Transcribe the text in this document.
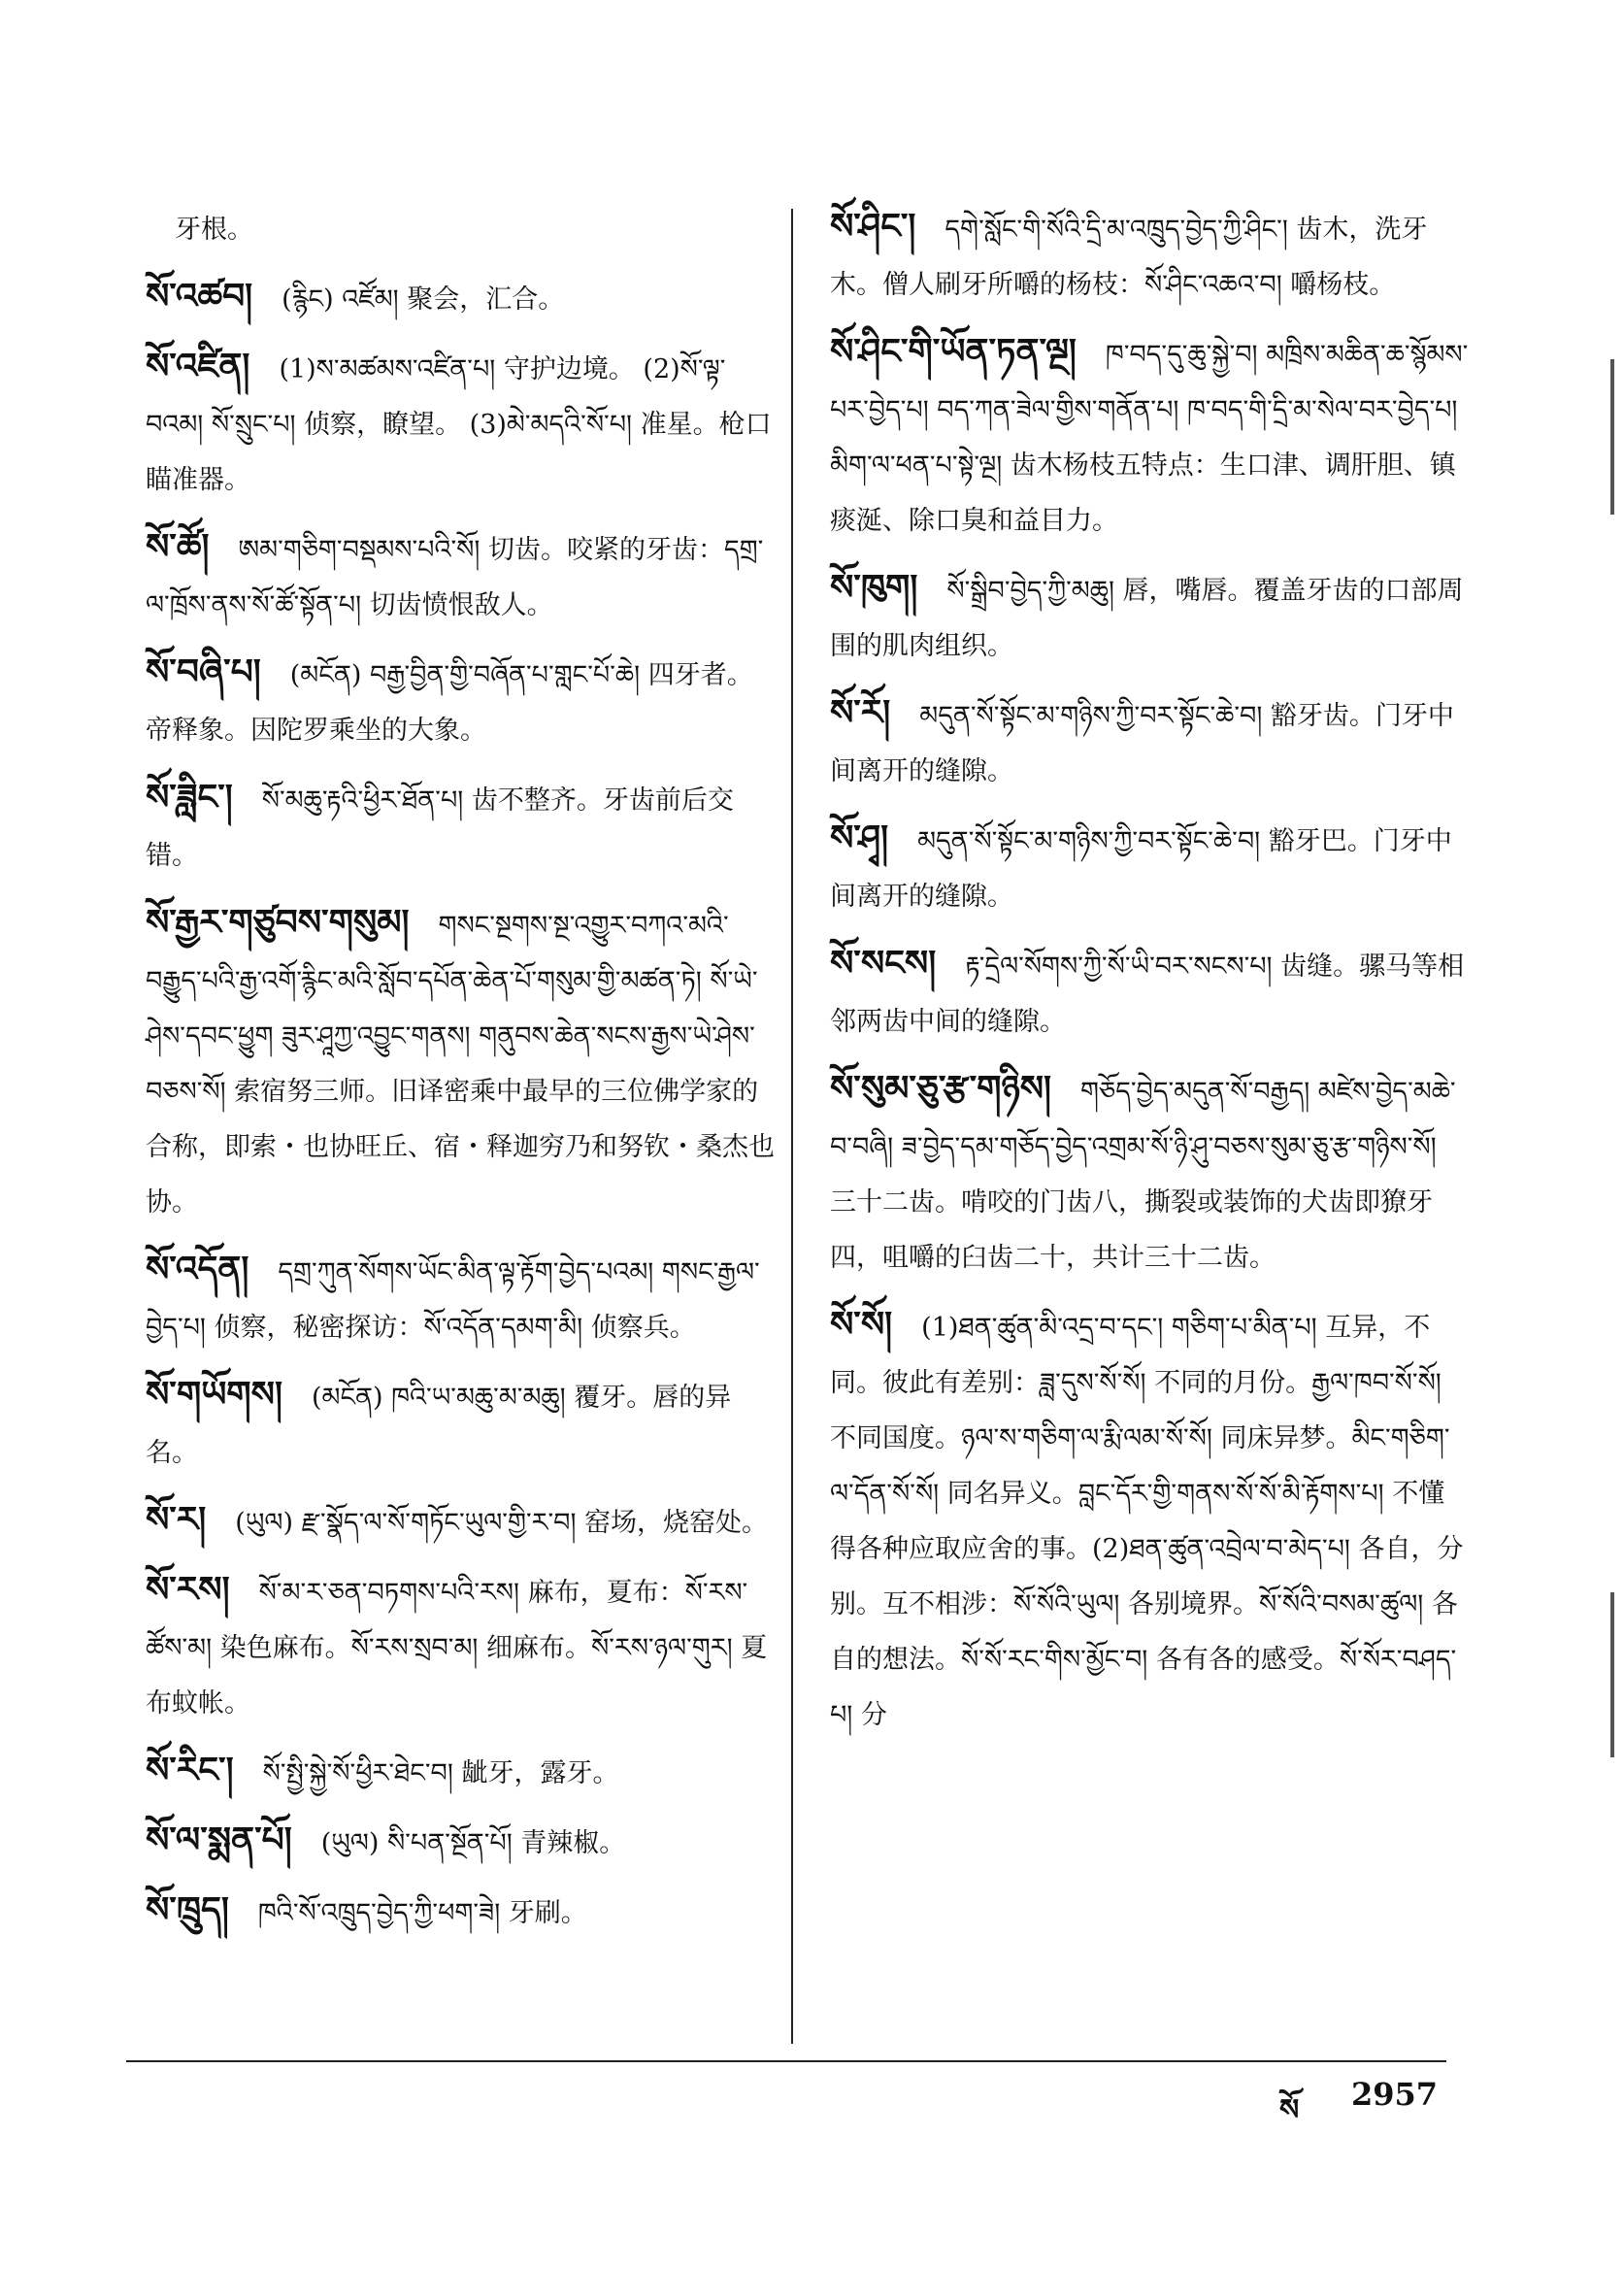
牙根。

སོ་འཚབ། (རྙིང) འཛོམ། 聚会，汇合。

སོ་འཛིན། (1)ས་མཚམས་འཛིན་པ། 守护边境。 (2)སོ་ལྟ་བའམ། སོ་སྲུང་པ། 侦察，瞭望。 (3)མེ་མདའི་སོ་པ། 准星。枪口瞄准器。

སོ་ཚོ། ཨམ་གཅིག་བསྡམས་པའི་སོ། 切齿。咬紧的牙齿：དགྲ་ལ་ཁྲོས་ནས་སོ་ཚོ་སྟོན་པ། 切齿愤恨敌人。

སོ་བཞི་པ། (མངོན) བརྒྱ་བྱིན་གྱི་བཞོན་པ་གླང་པོ་ཆེ། 四牙者。帝释象。因陀罗乘坐的大象。

སོ་ཟླིང་། སོ་མཆུ་རྟའི་ཕྱིར་ཐོན་པ། 齿不整齐。牙齿前后交错。

སོ་རྒྱར་གཙུབས་གསུམ། གསང་སྔགས་སྔ་འགྱུར་བཀའ་མའི་བརྒྱུད་པའི་རྒྱ་འགོ་རྙིང་མའི་སློབ་དཔོན་ཆེན་པོ་གསུམ་གྱི་མཚན་ཏེ། སོ་ཡེ་ཤེས་དབང་ཕྱུག ཟུར་ཤཱཀྱ་འབྱུང་གནས། གནུབས་ཆེན་སངས་རྒྱས་ཡེ་ཤེས་བཅས་སོ། 索宿努三师。旧译密乘中最早的三位佛学家的合称，即索・也协旺丘、宿・释迦穷乃和努钦・桑杰也协。

སོ་འདོན། དགྲ་ཀུན་སོགས་ཡོང་མིན་ལྟ་རྟོག་བྱེད་པའམ། གསང་རྒྱལ་བྱེད་པ། 侦察，秘密探访：སོ་འདོན་དམག་མི། 侦察兵。

སོ་གཡོགས། (མངོན) ཁའི་ཡ་མཆུ་མ་མཆུ། 覆牙。唇的异名。

སོ་ར། (ཡུལ) རྫ་སྣོད་ལ་སོ་གཏོང་ཡུལ་གྱི་ར་བ། 窑场，烧窑处。

སོ་རས། སོ་མ་ར་ཅན་བཏགས་པའི་རས། 麻布，夏布：སོ་རས་ཚོས་མ། 染色麻布。སོ་རས་སྲབ་མ། 细麻布。སོ་རས་ཉལ་གུར། 夏布蚊帐。

སོ་རིང་། སོ་སྤྱི་སྐྱེ་སོ་ཕྱིར་ཐེང་བ། 龇牙，露牙。

སོ་ལ་སྨན་པོ། (ཡུལ) སི་པན་སྔོན་པོ། 青辣椒。

སོ་ཁྲུད། ཁའི་སོ་འཁྲུད་བྱེད་ཀྱི་ཕག་ཟེ། 牙刷。

སོ་ཤིང་། དགེ་སློང་གི་སོའི་དྲི་མ་འཁྲུད་བྱེད་ཀྱི་ཤིང་། 齿木，洗牙木。僧人刷牙所嚼的杨枝：སོ་ཤིང་འཆའ་བ། 嚼杨枝。

སོ་ཤིང་གི་ཡོན་ཏན་ལྔ། ཁ་བད་དུ་ཆུ་སྐྱེ་བ། མཁྲིས་མཆིན་ཆ་སྙོམས་པར་བྱེད་པ། བད་ཀན་ཟེལ་གྱིས་གནོན་པ། ཁ་བད་གི་དྲི་མ་སེལ་བར་བྱེད་པ། མིག་ལ་ཕན་པ་སྟེ་ལྔ། 齿木杨枝五特点：生口津、调肝胆、镇痰涎、除口臭和益目力。

སོ་ཁུག། སོ་སྒྲིབ་བྱེད་ཀྱི་མཆུ། 唇，嘴唇。覆盖牙齿的口部周围的肌肉组织。

སོ་རོ། མདུན་སོ་སྟོང་མ་གཉིས་ཀྱི་བར་སྟོང་ཆེ་བ། 豁牙齿。门牙中间离开的缝隙。

སོ་ཤྭ། མདུན་སོ་སྟོང་མ་གཉིས་ཀྱི་བར་སྟོང་ཆེ་བ། 豁牙巴。门牙中间离开的缝隙。

སོ་སངས། རྟ་དྲེལ་སོགས་ཀྱི་སོ་ཡི་བར་སངས་པ། 齿缝。骡马等相邻两齿中间的缝隙。

སོ་སུམ་ཅུ་རྩ་གཉིས། གཅོད་བྱེད་མདུན་སོ་བརྒྱད། མཛེས་བྱེད་མཆེ་བ་བཞི། ཟ་བྱེད་དམ་གཅོད་བྱེད་འགྲམ་སོ་ཉི་ཤུ་བཅས་སུམ་ཅུ་རྩ་གཉིས་སོ། 三十二齿。啃咬的门齿八，撕裂或装饰的犬齿即獠牙四，咀嚼的臼齿二十，共计三十二齿。

སོ་སོ། (1)ཐན་ཚུན་མི་འདྲ་བ་དང་། གཅིག་པ་མིན་པ། 互异，不同。彼此有差别：ཟླ་དུས་སོ་སོ། 不同的月份。རྒྱལ་ཁབ་སོ་སོ། 不同国度。ཉལ་ས་གཅིག་ལ་རྨི་ལམ་སོ་སོ། 同床异梦。མིང་གཅིག་ལ་དོན་སོ་སོ། 同名异义。བླང་དོར་གྱི་གནས་སོ་སོ་མི་རྟོགས་པ། 不懂得各种应取应舍的事。(2)ཐན་ཚུན་འབྲེལ་བ་མེད་པ། 各自，分别。互不相涉：སོ་སོའི་ཡུལ། 各别境界。སོ་སོའི་བསམ་ཚུལ། 各自的想法。སོ་སོ་རང་གིས་མྱོང་བ། 各有各的感受。སོ་སོར་བཤད་པ། 分

སོ 2957
